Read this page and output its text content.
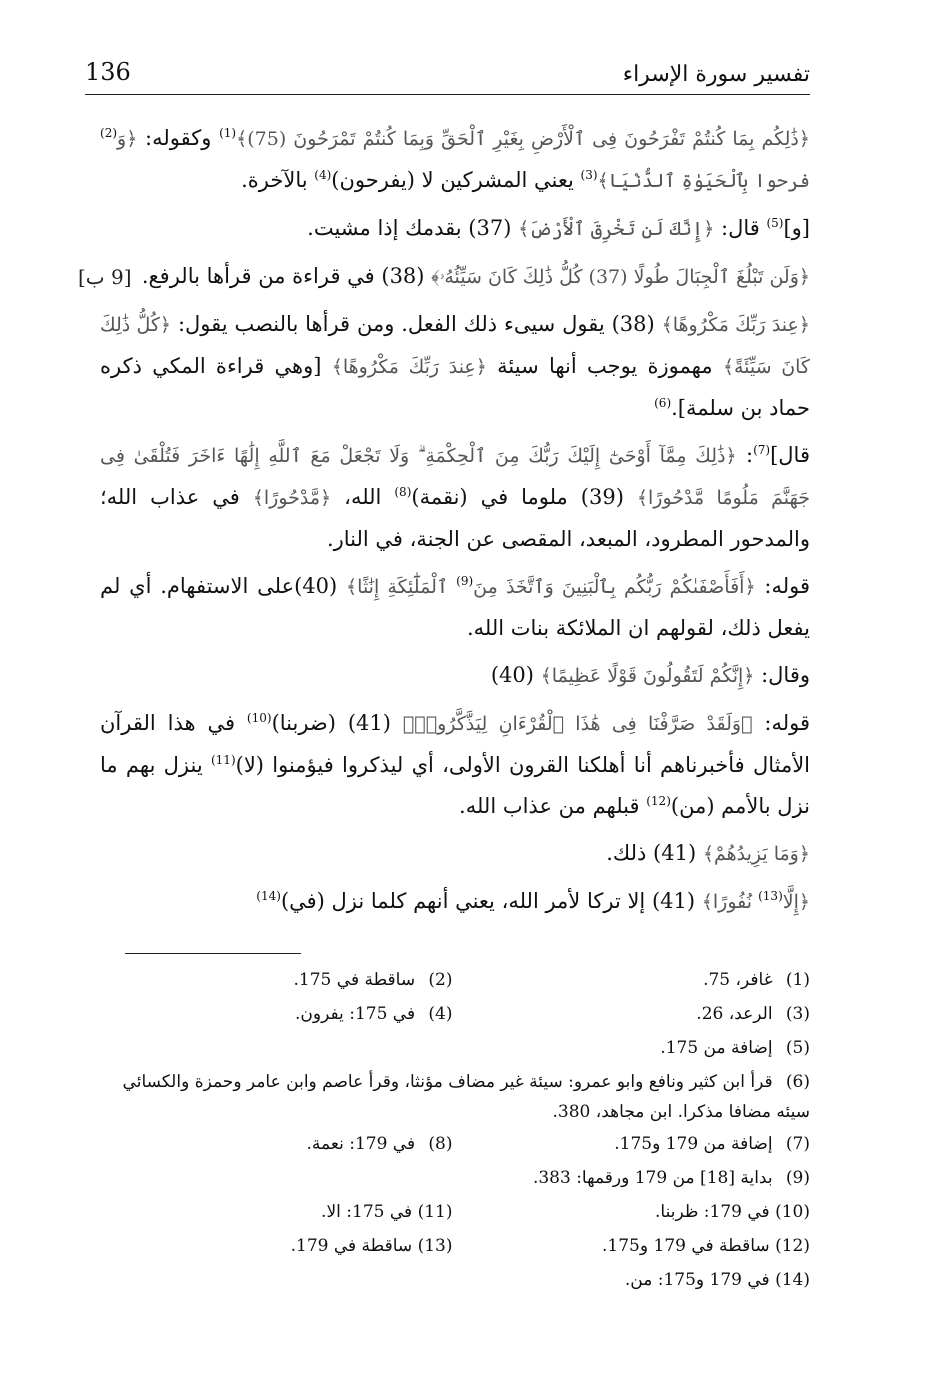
تفسير سورة الإسراء
136
[9 ب]

﴿ذَٰلِكُم بِمَا كُنتُمْ تَفْرَحُونَ فِى ٱلْأَرْضِ بِغَيْرِ ٱلْحَقِّ وَبِمَا كُنتُمْ تَمْرَحُونَ (75)﴾$^{(1)}$ وكقوله: ﴿وَ$^{(2)}$ فرحوا بِٱلْحَيَوٰةِ ٱلدُّنْيَا﴾$^{(3)}$ يعني المشركين لا (يفرحون)$^{(4)}$ بالآخرة.

[و]$^{(5)}$ قال: ﴿إِنَّكَ لَن تَخْرِقَ ٱلْأَرْضَ﴾ (37) بقدمك إذا مشيت.

﴿وَلَن تَبْلُغَ ٱلْجِبَالَ طُولًا (37) كُلُّ ذَٰلِكَ كَانَ سَيِّئُهُۥ﴾ (38) في قراءة من قرأها بالرفع.

﴿عِندَ رَبِّكَ مَكْرُوهًا﴾ (38) يقول سيىء ذلك الفعل. ومن قرأها بالنصب يقول: ﴿كُلُّ ذَٰلِكَ كَانَ سَيِّئَةً﴾ مهموزة يوجب أنها سيئة ﴿عِندَ رَبِّكَ مَكْرُوهًا﴾ [وهي قراءة المكي ذكره حماد بن سلمة].$^{(6)}$

قال]$^{(7)}$: ﴿ذَٰلِكَ مِمَّآ أَوْحَىٰٓ إِلَيْكَ رَبُّكَ مِنَ ٱلْحِكْمَةِ ۗ وَلَا تَجْعَلْ مَعَ ٱللَّهِ إِلَٰهًا ءَاخَرَ فَتُلْقَىٰ فِى جَهَنَّمَ مَلُومًا مَّدْحُورًا﴾ (39) ملوما في (نقمة)$^{(8)}$ الله، ﴿مَّدْحُورًا﴾ في عذاب الله؛ والمدحور المطرود، المبعد، المقصى عن الجنة، في النار.

قوله: ﴿أَفَأَصْفَىٰكُمْ رَبُّكُم بِٱلْبَنِينَ وَٱتَّخَذَ مِنَ$^{(9)}$ ٱلْمَلَٰٓئِكَةِ إِنَٰثًا﴾ (40)على الاستفهام. أي لم يفعل ذلك، لقولهم ان الملائكة بنات الله.

وقال: ﴿إِنَّكُمْ لَتَقُولُونَ قَوْلًا عَظِيمًا﴾ (40)

قوله: ﴿وَلَقَدْ صَرَّفْنَا فِى هَٰذَا ٱلْقُرْءَانِ لِيَذَّكَّرُوا۟﴾ (41) (ضربنا)$^{(10)}$ في هذا القرآن الأمثال فأخبرناهم أنا أهلكنا القرون الأولى، أي ليذكروا فيؤمنوا (لا)$^{(11)}$ ينزل بهم ما نزل بالأمم (من)$^{(12)}$ قبلهم من عذاب الله.

﴿وَمَا يَزِيدُهُمْ﴾ (41) ذلك.

﴿إِلَّا$^{(13)}$ نُفُورًا﴾ (41) إلا تركا لأمر الله، يعني أنهم كلما نزل (في)$^{(14)}$

(1) غافر، 75.
(2) ساقطة في 175.
(3) الرعد، 26.
(4) في 175: يفرون.
(5) إضافة من 175.
(6) قرأ ابن كثير ونافع وابو عمرو: سيئة غير مضاف مؤنثا، وقرأ عاصم وابن عامر وحمزة والكسائي سيئه مضافا مذكرا. ابن مجاهد، 380.
(7) إضافة من 179 و175.
(8) في 179: نعمة.
(9) بداية [18] من 179 ورقمها: 383.
(10) في 179: ظربنا.
(11) في 175: الا.
(12) ساقطة في 179 و175.
(13) ساقطة في 179.
(14) في 179 و175: من.
